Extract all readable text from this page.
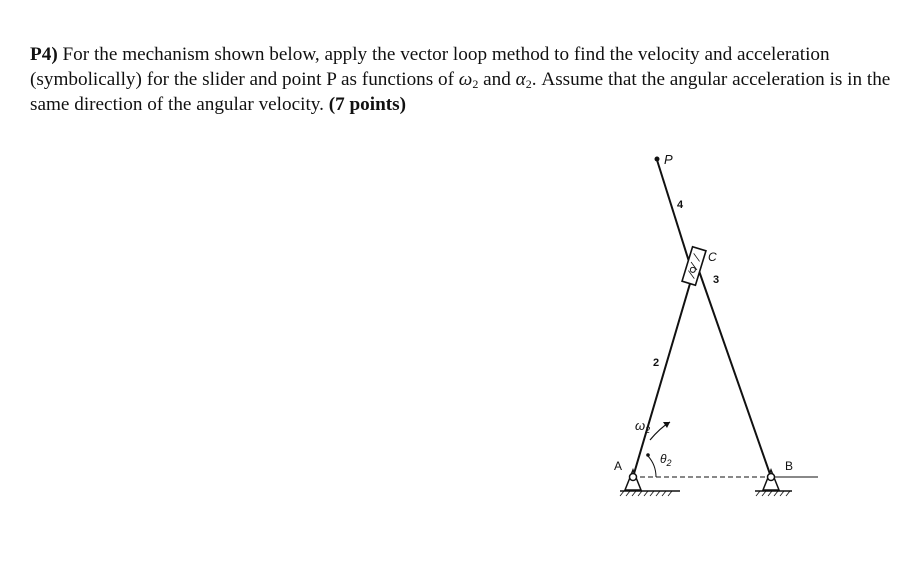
P4) For the mechanism shown below, apply the vector loop method to find the velocity and acceleration (symbolically) for the slider and point P as functions of $\omega_2$ and $\alpha_2$. Assume that the angular acceleration is in the same direction of the angular velocity. (7 points)
P
4
C
3
2
$\omega_2$
$\theta_2$
A	B
